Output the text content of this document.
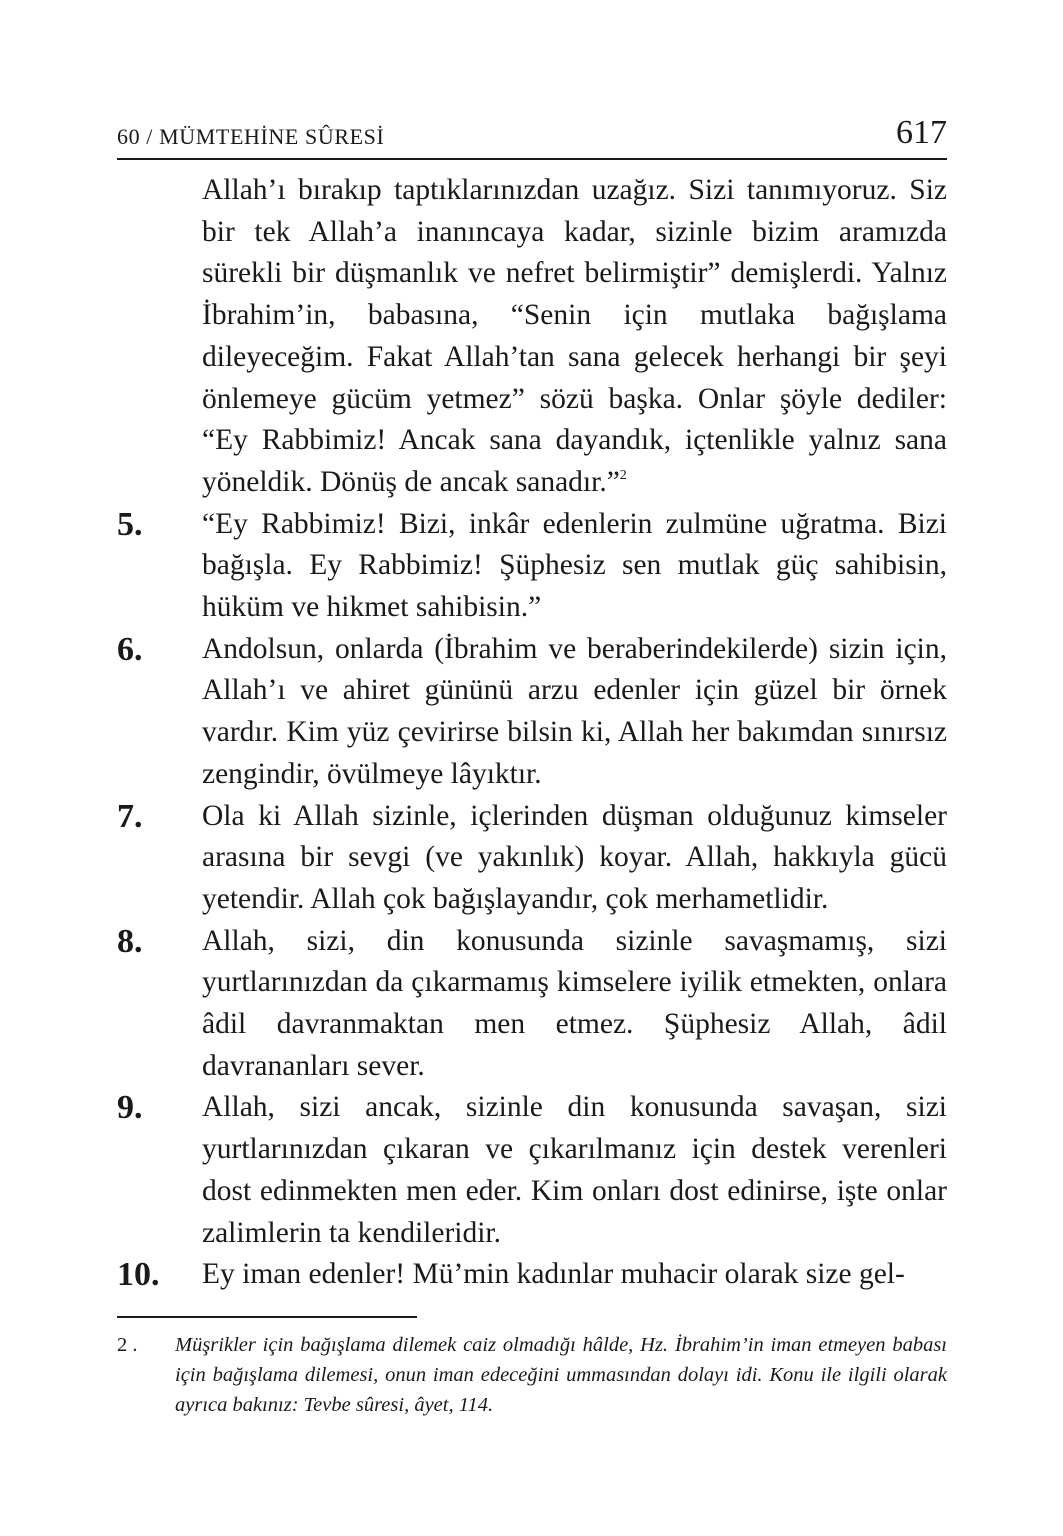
60 / MÜMTEHİNE SÛRESİ	617

Allah’ı bırakıp taptıklarınızdan uzağız. Sizi tanımıyoruz. Siz bir tek Allah’a inanıncaya kadar, sizinle bizim aramızda sürekli bir düşmanlık ve nefret belirmiştir” demişlerdi. Yalnız İbrahim’in, babasına, “Senin için mutlaka bağışlama dileyeceğim. Fakat Allah’tan sana gelecek herhangi bir şeyi önlemeye gücüm yetmez” sözü başka. Onlar şöyle dediler: “Ey Rabbimiz! Ancak sana dayandık, içtenlikle yalnız sana yöneldik. Dönüş de ancak sanadır.”$^2$

5.	“Ey Rabbimiz! Bizi, inkâr edenlerin zulmüne uğratma. Bizi bağışla. Ey Rabbimiz! Şüphesiz sen mutlak güç sahibisin, hüküm ve hikmet sahibisin.”

6.	Andolsun, onlarda (İbrahim ve beraberindekilerde) sizin için, Allah’ı ve ahiret gününü arzu edenler için güzel bir örnek vardır. Kim yüz çevirirse bilsin ki, Allah her bakımdan sınırsız zengindir, övülmeye lâyıktır.

7.	Ola ki Allah sizinle, içlerinden düşman olduğunuz kimseler arasına bir sevgi (ve yakınlık) koyar. Allah, hakkıyla gücü yetendir. Allah çok bağışlayandır, çok merhametlidir.

8.	Allah, sizi, din konusunda sizinle savaşmamış, sizi yurtlarınızdan da çıkarmamış kimselere iyilik etmekten, onlara âdil davranmaktan men etmez. Şüphesiz Allah, âdil davrananları sever.

9.	Allah, sizi ancak, sizinle din konusunda savaşan, sizi yurtlarınızdan çıkaran ve çıkarılmanız için destek verenleri dost edinmekten men eder. Kim onları dost edinirse, işte onlar zalimlerin ta kendileridir.

10.	Ey iman edenler! Mü’min kadınlar muhacir olarak size gel-

2 .	Müşrikler için bağışlama dilemek caiz olmadığı hâlde, Hz. İbrahim’in iman etmeyen babası için bağışlama dilemesi, onun iman edeceğini ummasından dolayı idi. Konu ile ilgili olarak ayrıca bakınız: Tevbe sûresi, âyet, 114.
